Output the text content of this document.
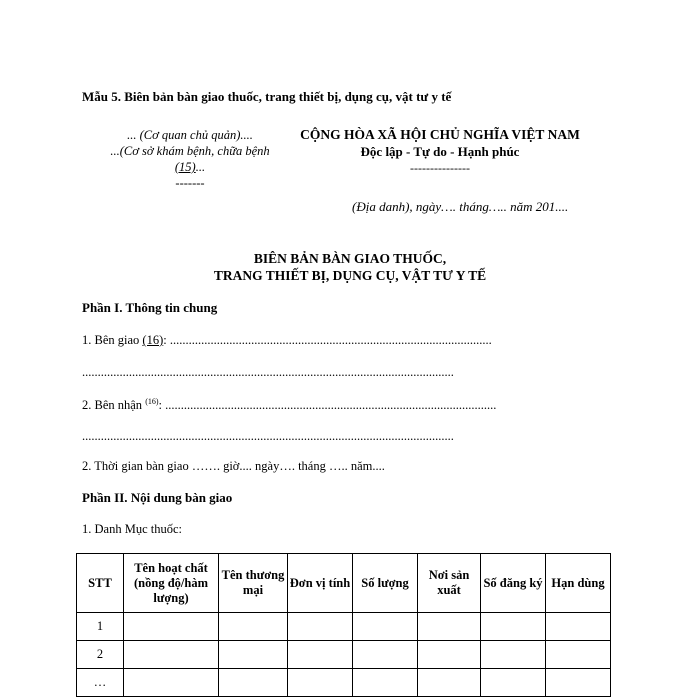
Mẫu 5. Biên bản bàn giao thuốc, trang thiết bị, dụng cụ, vật tư y tế
... (Cơ quan chủ quản)....
...(Cơ sở khám bệnh, chữa bệnh
(15)...
-------
CỘNG HÒA XÃ HỘI CHỦ NGHĨA VIỆT NAM
Độc lập - Tự do - Hạnh phúc
---------------
(Địa danh), ngày…. tháng….. năm 201....
BIÊN BẢN BÀN GIAO THUỐC,
TRANG THIẾT BỊ, DỤNG CỤ, VẬT TƯ Y TẾ
Phần I. Thông tin chung
1. Bên giao (16): .......................................................................................................
.......................................................................................................................
2. Bên nhận $^{(16)}$: ..........................................................................................................
.......................................................................................................................
2. Thời gian bàn giao ……. giờ.... ngày…. tháng ….. năm....
Phần II. Nội dung bàn giao
1. Danh Mục thuốc:
STT	Tên hoạt chất (nồng độ/hàm lượng)	Tên thương mại	Đơn vị tính	Số lượng	Nơi sản xuất	Số đăng ký	Hạn dùng
1							
2							
…							
